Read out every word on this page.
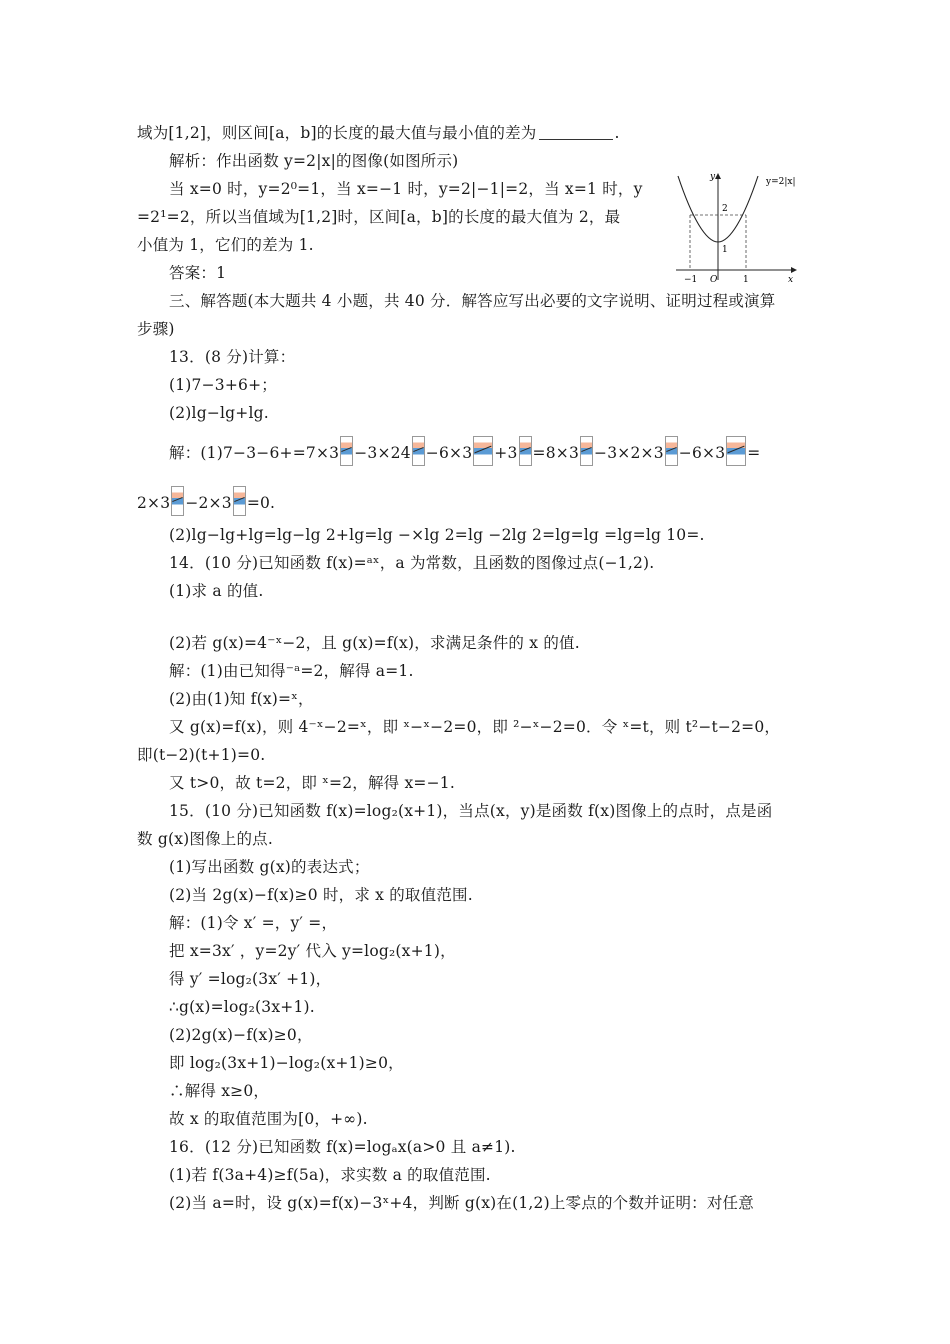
域为[1,2]，则区间[a，b]的长度的最大值与最小值的差为	.
解析：作出函数 y=2|x|的图像(如图所示)
当 x=0 时，y=2⁰=1，当 x=−1 时，y=2|−1|=2，当 x=1 时，y
=2¹=2，所以当值域为[1,2]时，区间[a，b]的长度的最大值为 2，最
小值为 1，它们的差为 1.
答案：1
y=2|x|
y
x
O
−1	1
2
1
三、解答题(本大题共 4 小题，共 40 分．解答应写出必要的文字说明、证明过程或演算
步骤)
13．(8 分)计算：
(1)7−3+6+；
(2)lg−lg+lg.
解：(1)7−3−6+=7×3 −3×24 −6×3 +3 =8×3 −3×2×3 −6×3 =
2×3 −2×3 =0.
(2)lg−lg+lg=lg−lg 2+lg=lg −×lg 2=lg −2lg 2=lg=lg =lg=lg 10=.
14．(10 分)已知函数 f(x)=ᵃˣ，a 为常数，且函数的图像过点(−1,2).
(1)求 a 的值.
(2)若 g(x)=4⁻ˣ−2，且 g(x)=f(x)，求满足条件的 x 的值.
解：(1)由已知得⁻ᵃ=2，解得 a=1.
(2)由(1)知 f(x)=ˣ，
又 g(x)=f(x)，则 4⁻ˣ−2=ˣ，即 ˣ−ˣ−2=0，即 ²−ˣ−2=0．令 ˣ=t，则 t²−t−2=0，
即(t−2)(t+1)=0.
又 t>0，故 t=2，即 ˣ=2，解得 x=−1.
15．(10 分)已知函数 f(x)=log₂(x+1)，当点(x，y)是函数 f(x)图像上的点时，点是函
数 g(x)图像上的点.
(1)写出函数 g(x)的表达式；
(2)当 2g(x)−f(x)≥0 时，求 x 的取值范围.
解：(1)令 x′ =，y′ =，
把 x=3x′ ，y=2y′ 代入 y=log₂(x+1)，
得 y′ =log₂(3x′ +1)，
∴g(x)=log₂(3x+1).
(2)2g(x)−f(x)≥0，
即 log₂(3x+1)−log₂(x+1)≥0，
∴解得 x≥0，
故 x 的取值范围为[0，+∞).
16．(12 分)已知函数 f(x)=logₐx(a>0 且 a≠1).
(1)若 f(3a+4)≥f(5a)，求实数 a 的取值范围.
(2)当 a=时，设 g(x)=f(x)−3ˣ+4，判断 g(x)在(1,2)上零点的个数并证明：对任意
